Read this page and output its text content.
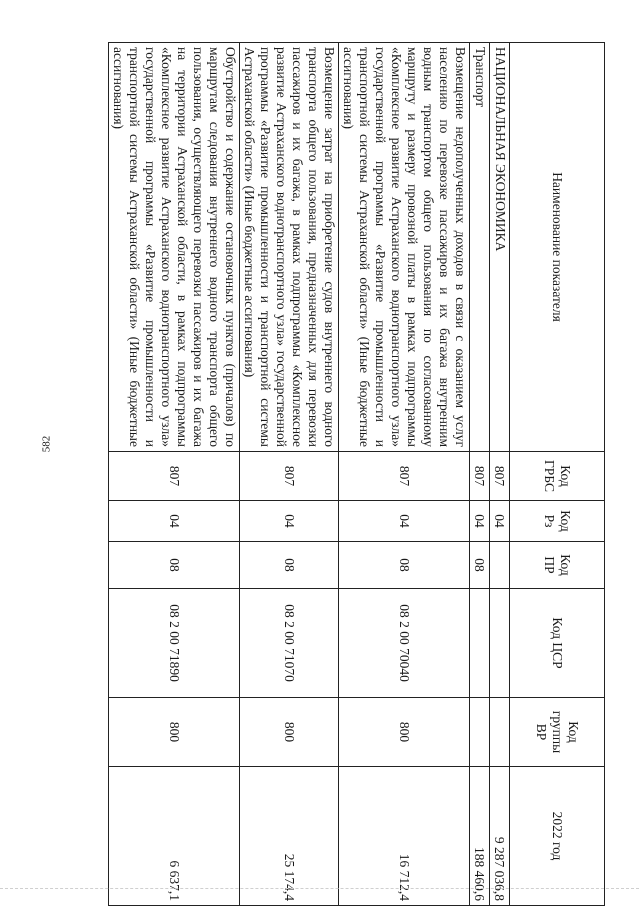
582
Наименование показателя	Код ГРБС	Код Рз	Код ПР	Код ЦСР	Код группы ВР	2022 год
НАЦИОНАЛЬНАЯ ЭКОНОМИКА	807	04				9 287 036,8
Транспорт	807	04	08			188 460,6
Возмещение недополученных доходов в связи с оказанием услуг населению по перевозке пассажиров и их багажа внутренним водным транспортом общего пользования по согласованному маршруту и размеру провозной платы в рамках подпрограммы «Комплексное развитие Астраханского воднотранспортного узла» государственной программы «Развитие промышленности и транспортной системы Астраханской области» (Иные бюджетные ассигнования)	807	04	08	08 2 00 70040	800	16 712,4
Возмещение затрат на приобретение судов внутреннего водного транспорта общего пользования, предназначенных для перевозки пассажиров и их багажа, в рамках подпрограммы «Комплексное развитие Астраханского воднотранспортного узла» государственной программы «Развитие промышленности и транспортной системы Астраханской области» (Иные бюджетные ассигнования)	807	04	08	08 2 00 71070	800	25 174,4
Обустройство и содержание остановочных пунктов (причалов) по маршрутам следования внутреннего водного транспорта общего пользования, осуществляющего перевозки пассажиров и их багажа на территории Астраханской области, в рамках подпрограммы «Комплексное развитие Астраханского воднотранспортного узла» государственной программы «Развитие промышленности и транспортной системы Астраханской области» (Иные бюджетные ассигнования)	807	04	08	08 2 00 71890	800	6 637,1
